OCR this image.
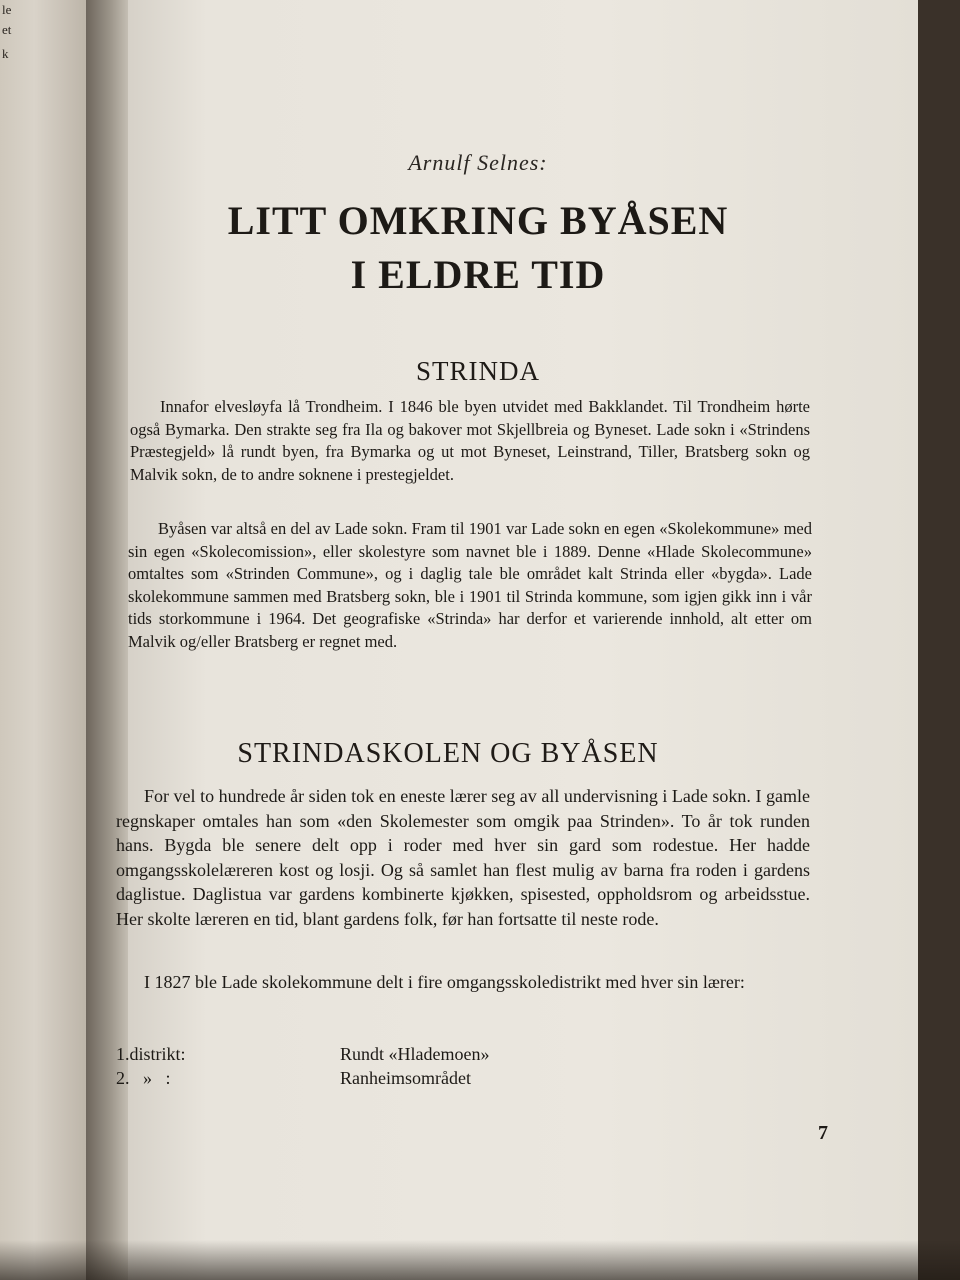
le
et
k
Arnulf Selnes:
LITT OMKRING BYÅSEN
I ELDRE TID
STRINDA

Innafor elvesløyfa lå Trondheim. I 1846 ble byen utvidet med Bakklandet. Til Trondheim hørte også Bymarka. Den strakte seg fra Ila og bakover mot Skjellbreia og Byneset. Lade sokn i «Strindens Præstegjeld» lå rundt byen, fra Bymarka og ut mot Byneset, Leinstrand, Tiller, Bratsberg sokn og Malvik sokn, de to andre soknene i prestegjeldet.

Byåsen var altså en del av Lade sokn. Fram til 1901 var Lade sokn en egen «Skolekommune» med sin egen «Skolecomission», eller skolestyre som navnet ble i 1889. Denne «Hlade Skolecommune» omtaltes som «Strinden Commune», og i daglig tale ble området kalt Strinda eller «bygda». Lade skolekommune sammen med Bratsberg sokn, ble i 1901 til Strinda kommune, som igjen gikk inn i vår tids storkommune i 1964. Det geografiske «Strinda» har derfor et varierende innhold, alt etter om Malvik og/eller Bratsberg er regnet med.

STRINDASKOLEN OG BYÅSEN

For vel to hundrede år siden tok en eneste lærer seg av all undervisning i Lade sokn. I gamle regnskaper omtales han som «den Skolemester som omgik paa Strinden». To år tok runden hans. Bygda ble senere delt opp i roder med hver sin gard som rodestue. Her hadde omgangsskolelæreren kost og losji. Og så samlet han flest mulig av barna fra roden i gardens daglistue. Daglistua var gardens kombinerte kjøkken, spisested, oppholdsrom og arbeidsstue. Her skolte læreren en tid, blant gardens folk, før han fortsatte til neste rode.

I 1827 ble Lade skolekommune delt i fire omgangsskoledistrikt med hver sin lærer:

1.distrikt:	Rundt «Hlademoen»
2.   »   :	Ranheimsområdet
7
